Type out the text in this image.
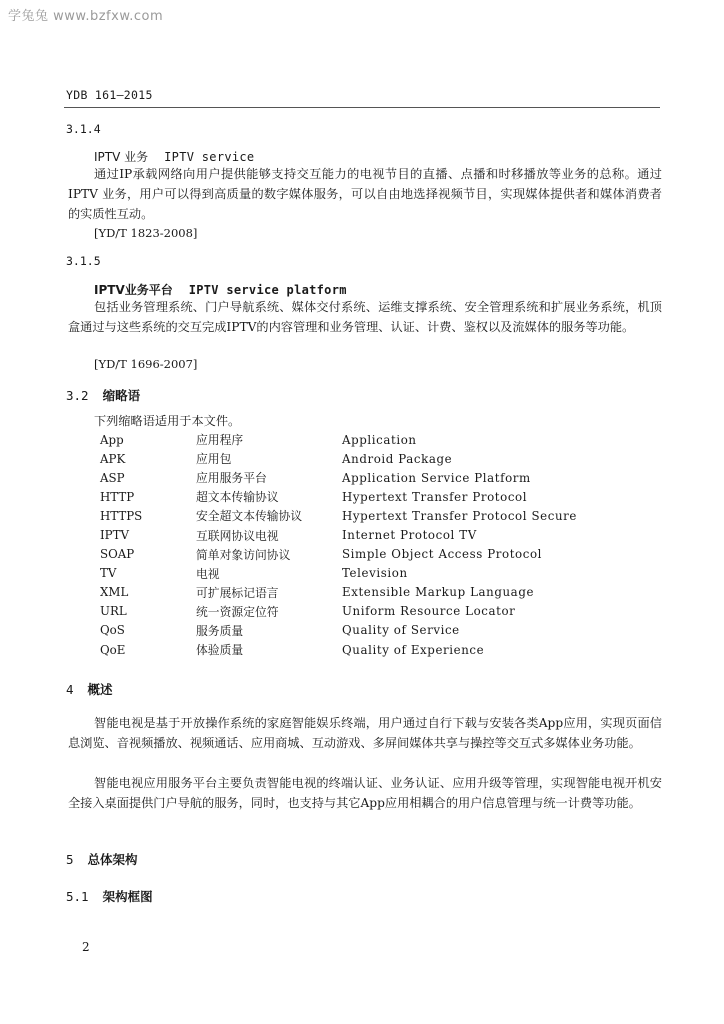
学兔兔 www.bzfxw.com
YDB 161—2015
3.1.4
IPTV 业务 IPTV service
通过IP承载网络向用户提供能够支持交互能力的电视节目的直播、点播和时移播放等业务的总称。通过IPTV 业务，用户可以得到高质量的数字媒体服务，可以自由地选择视频节目，实现媒体提供者和媒体消费者的实质性互动。
[YD/T 1823-2008]
3.1.5
IPTV业务平台 IPTV service platform
包括业务管理系统、门户导航系统、媒体交付系统、运维支撑系统、安全管理系统和扩展业务系统，机顶盒通过与这些系统的交互完成IPTV的内容管理和业务管理、认证、计费、鉴权以及流媒体的服务等功能。
[YD/T 1696-2007]
3.2 缩略语
下列缩略语适用于本文件。
App	应用程序	Application
APK	应用包	Android Package
ASP	应用服务平台	Application Service Platform
HTTP	超文本传输协议	Hypertext Transfer Protocol
HTTPS	安全超文本传输协议	Hypertext Transfer Protocol Secure
IPTV	互联网协议电视	Internet Protocol TV
SOAP	简单对象访问协议	Simple Object Access Protocol
TV	电视	Television
XML	可扩展标记语言	Extensible Markup Language
URL	统一资源定位符	Uniform Resource Locator
QoS	服务质量	Quality of Service
QoE	体验质量	Quality of Experience
4 概述
智能电视是基于开放操作系统的家庭智能娱乐终端，用户通过自行下载与安装各类App应用，实现页面信息浏览、音视频播放、视频通话、应用商城、互动游戏、多屏间媒体共享与操控等交互式多媒体业务功能。
智能电视应用服务平台主要负责智能电视的终端认证、业务认证、应用升级等管理，实现智能电视开机安全接入桌面提供门户导航的服务，同时，也支持与其它App应用相耦合的用户信息管理与统一计费等功能。
5 总体架构
5.1 架构框图
2
